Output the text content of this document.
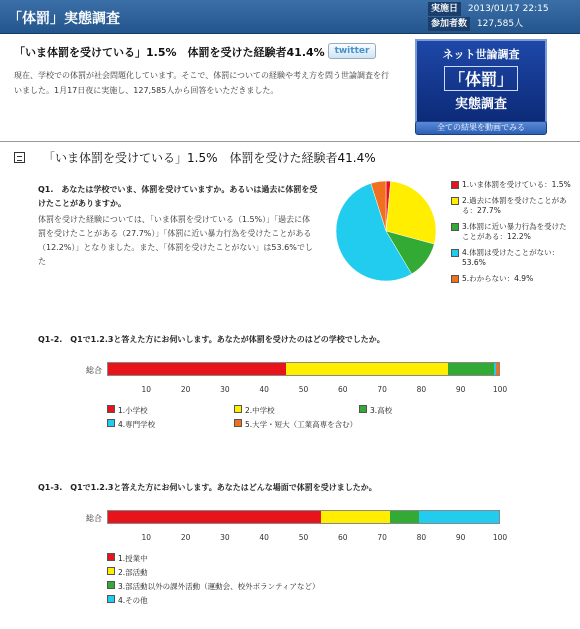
「体罰」実態調査
実施日 2013/01/17 22:15
参加者数 127,585人
「いま体罰を受けている」1.5%　体罰を受けた経験者41.4%	twitter
現在、学校での体罰が社会問題化しています。そこで、体罰についての経験や考え方を問う世論調査を行いました。1月17日夜に実施し、127,585人から回答をいただきました。
ネット世論調査
「体罰」
実態調査
全ての結果を動画でみる
「いま体罰を受けている」1.5%　体罰を受けた経験者41.4%
Q1.　あなたは学校でいま、体罰を受けていますか。あるいは過去に体罰を受けたことがありますか。
体罰を受けた経験については、「いま体罰を受けている（1.5%）」「過去に体罰を受けたことがある（27.7%）」「体罰に近い暴力行為を受けたことがある（12.2%）」となりました。また、「体罰を受けたことがない」は53.6%でした
1.いま体罰を受けている：1.5%
2.過去に体罰を受けたことがある：27.7%
3.体罰に近い暴力行為を受けたことがある：12.2%
4.体罰は受けたことがない：53.6%
5.わからない：4.9%
Q1-2.　Q1で1.2.3と答えた方にお伺いします。あなたが体罰を受けたのはどの学校でしたか。
総合
10	20	30	40	50	60	70	80	90	100
1.小学校	2.中学校	3.高校
4.専門学校	5.大学・短大（工業高専を含む）
Q1-3.　Q1で1.2.3と答えた方にお伺いします。あなたはどんな場面で体罰を受けましたか。
総合
10	20	30	40	50	60	70	80	90	100
1.授業中
2.部活動
3.部活動以外の課外活動（運動会、校外ボランティアなど）
4.その他
